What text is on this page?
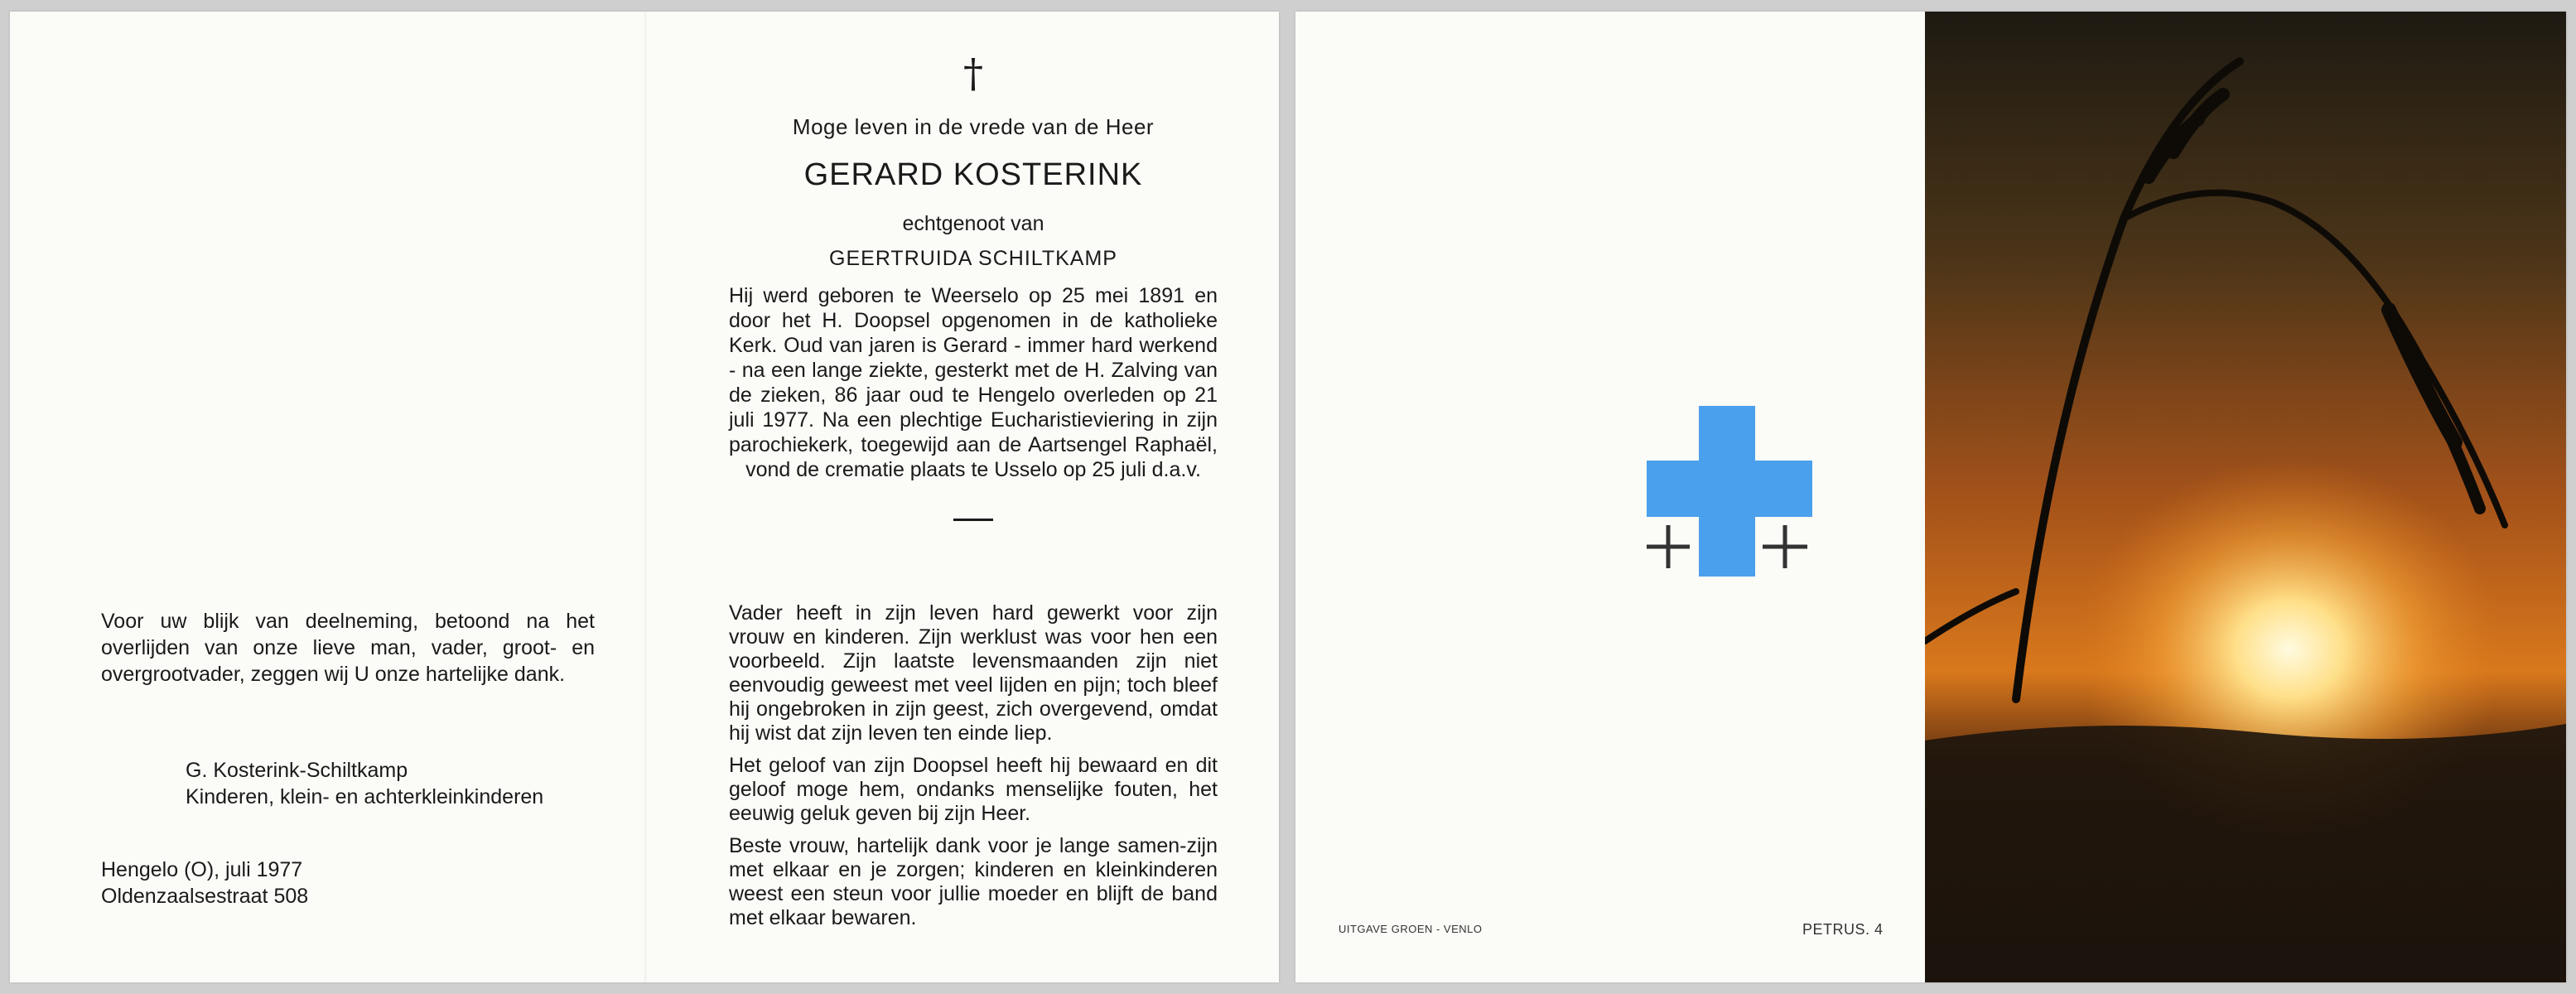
Voor uw blijk van deelneming, betoond na het overlijden van onze lieve man, vader, groot- en overgrootvader, zeggen wij U onze hartelijke dank.
G. Kosterink-Schiltkamp
Kinderen, klein- en achterkleinkinderen
Hengelo (O), juli 1977
Oldenzaalsestraat 508
†
Moge leven in de vrede van de Heer
GERARD KOSTERINK
echtgenoot van
GEERTRUIDA SCHILTKAMP
Hij werd geboren te Weerselo op 25 mei 1891 en door het H. Doopsel opgenomen in de katholieke Kerk. Oud van jaren is Gerard - immer hard werkend - na een lange ziekte, gesterkt met de H. Zalving van de zieken, 86 jaar oud te Hengelo overleden op 21 juli 1977. Na een plechtige Eucharistieviering in zijn parochiekerk, toegewijd aan de Aartsengel Raphaël, vond de crematie plaats te Usselo op 25 juli d.a.v.

Vader heeft in zijn leven hard gewerkt voor zijn vrouw en kinderen. Zijn werklust was voor hen een voorbeeld. Zijn laatste levensmaanden zijn niet eenvoudig geweest met veel lijden en pijn; toch bleef hij ongebroken in zijn geest, zich overgevend, omdat hij wist dat zijn leven ten einde liep.

Het geloof van zijn Doopsel heeft hij bewaard en dit geloof moge hem, ondanks menselijke fouten, het eeuwig geluk geven bij zijn Heer.

Beste vrouw, hartelijk dank voor je lange samen-zijn met elkaar en je zorgen; kinderen en kleinkinderen weest een steun voor jullie moeder en blijft de band met elkaar bewaren.	UITGAVE GROEN - VENLO	PETRUS. 4
